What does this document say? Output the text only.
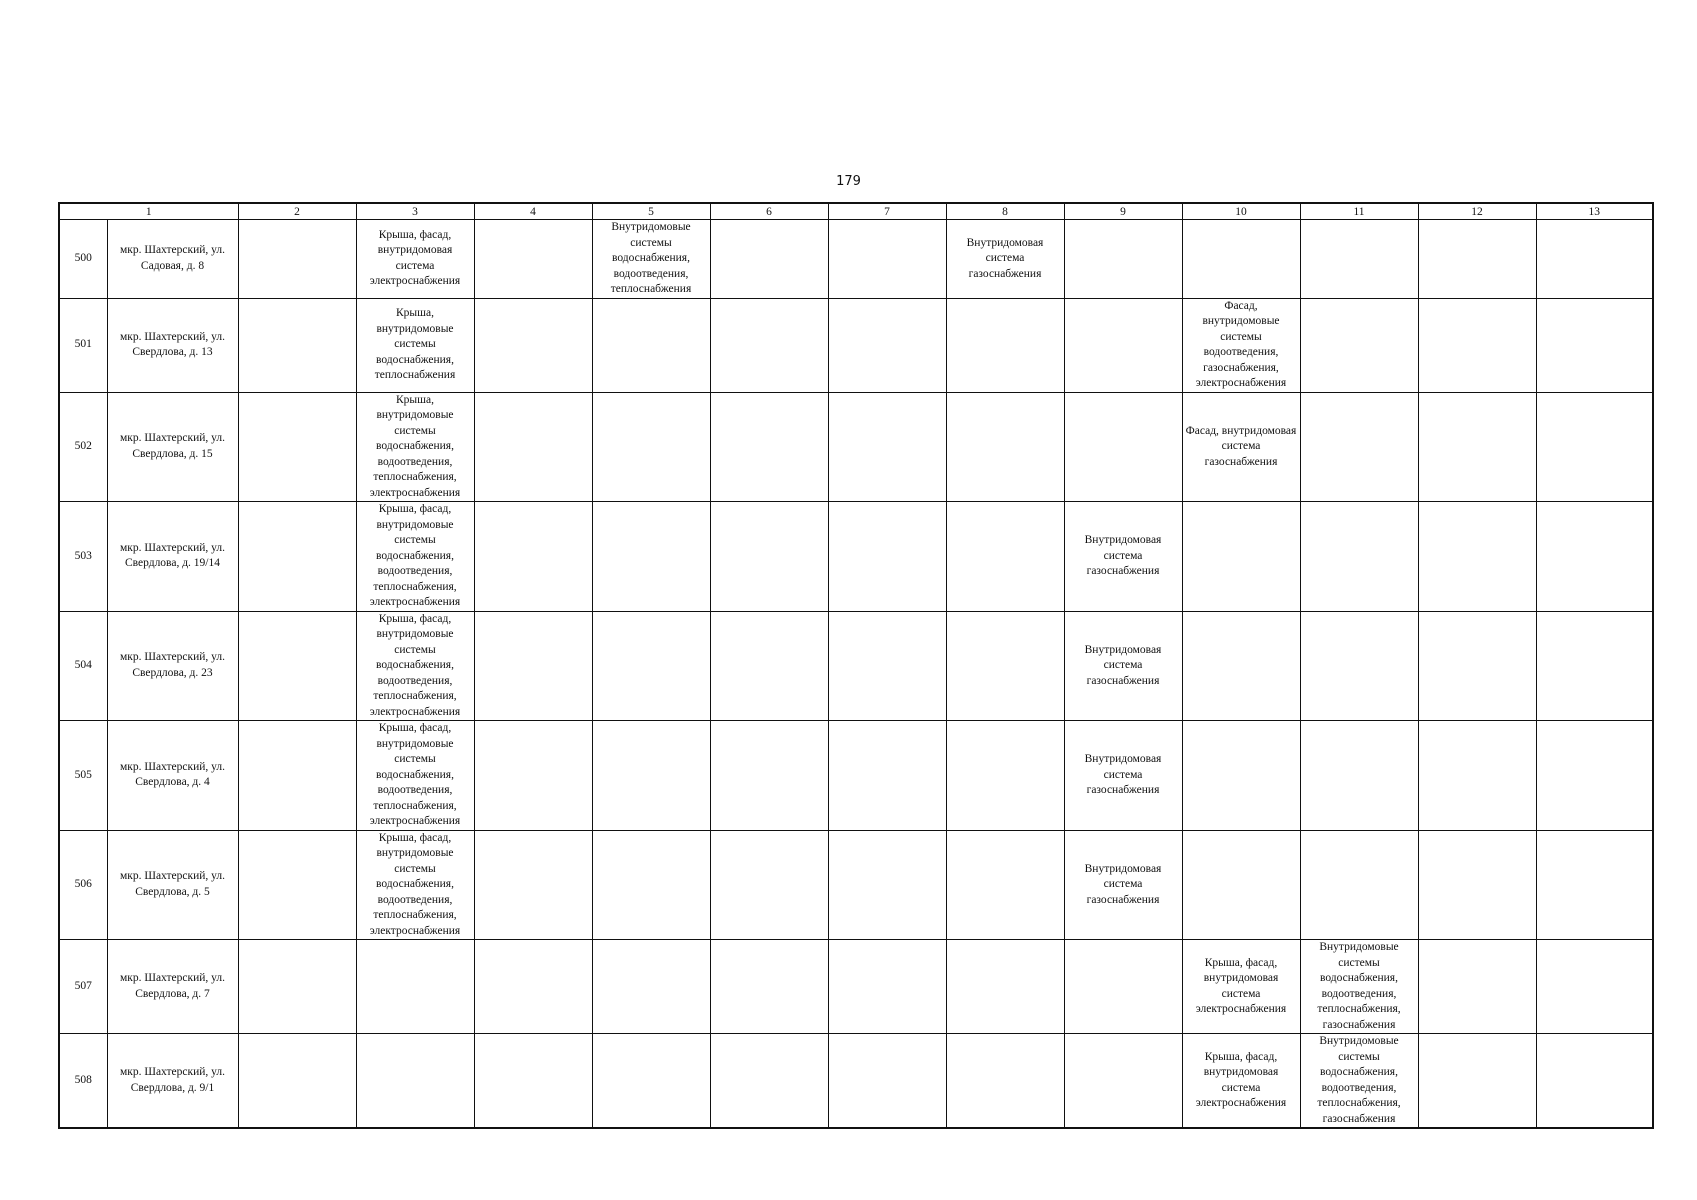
179
1		2	3	4	5	6	7	8	9	10	11	12	13
500	мкр. Шахтерский, ул. Садовая, д. 8		Крыша, фасад, внутридомовая система электроснабжения		Внутридомовые системы водоснабжения, водоотведения, теплоснабжения			Внутридомовая система газоснабжения					
501	мкр. Шахтерский, ул. Свердлова, д. 13		Крыша, внутридомовые системы водоснабжения, теплоснабжения							Фасад, внутридомовые системы водоотведения, газоснабжения, электроснабжения			
502	мкр. Шахтерский, ул. Свердлова, д. 15		Крыша, внутридомовые системы водоснабжения, водоотведения, теплоснабжения, электроснабжения							Фасад, внутридомовая система газоснабжения			
503	мкр. Шахтерский, ул. Свердлова, д. 19/14		Крыша, фасад, внутридомовые системы водоснабжения, водоотведения, теплоснабжения, электроснабжения						Внутридомовая система газоснабжения				
504	мкр. Шахтерский, ул. Свердлова, д. 23		Крыша, фасад, внутридомовые системы водоснабжения, водоотведения, теплоснабжения, электроснабжения						Внутридомовая система газоснабжения				
505	мкр. Шахтерский, ул. Свердлова, д. 4		Крыша, фасад, внутридомовые системы водоснабжения, водоотведения, теплоснабжения, электроснабжения						Внутридомовая система газоснабжения				
506	мкр. Шахтерский, ул. Свердлова, д. 5		Крыша, фасад, внутридомовые системы водоснабжения, водоотведения, теплоснабжения, электроснабжения						Внутридомовая система газоснабжения				
507	мкр. Шахтерский, ул. Свердлова, д. 7									Крыша, фасад, внутридомовая система электроснабжения	Внутридомовые системы водоснабжения, водоотведения, теплоснабжения, газоснабжения		
508	мкр. Шахтерский, ул. Свердлова, д. 9/1									Крыша, фасад, внутридомовая система электроснабжения	Внутридомовые системы водоснабжения, водоотведения, теплоснабжения, газоснабжения		
